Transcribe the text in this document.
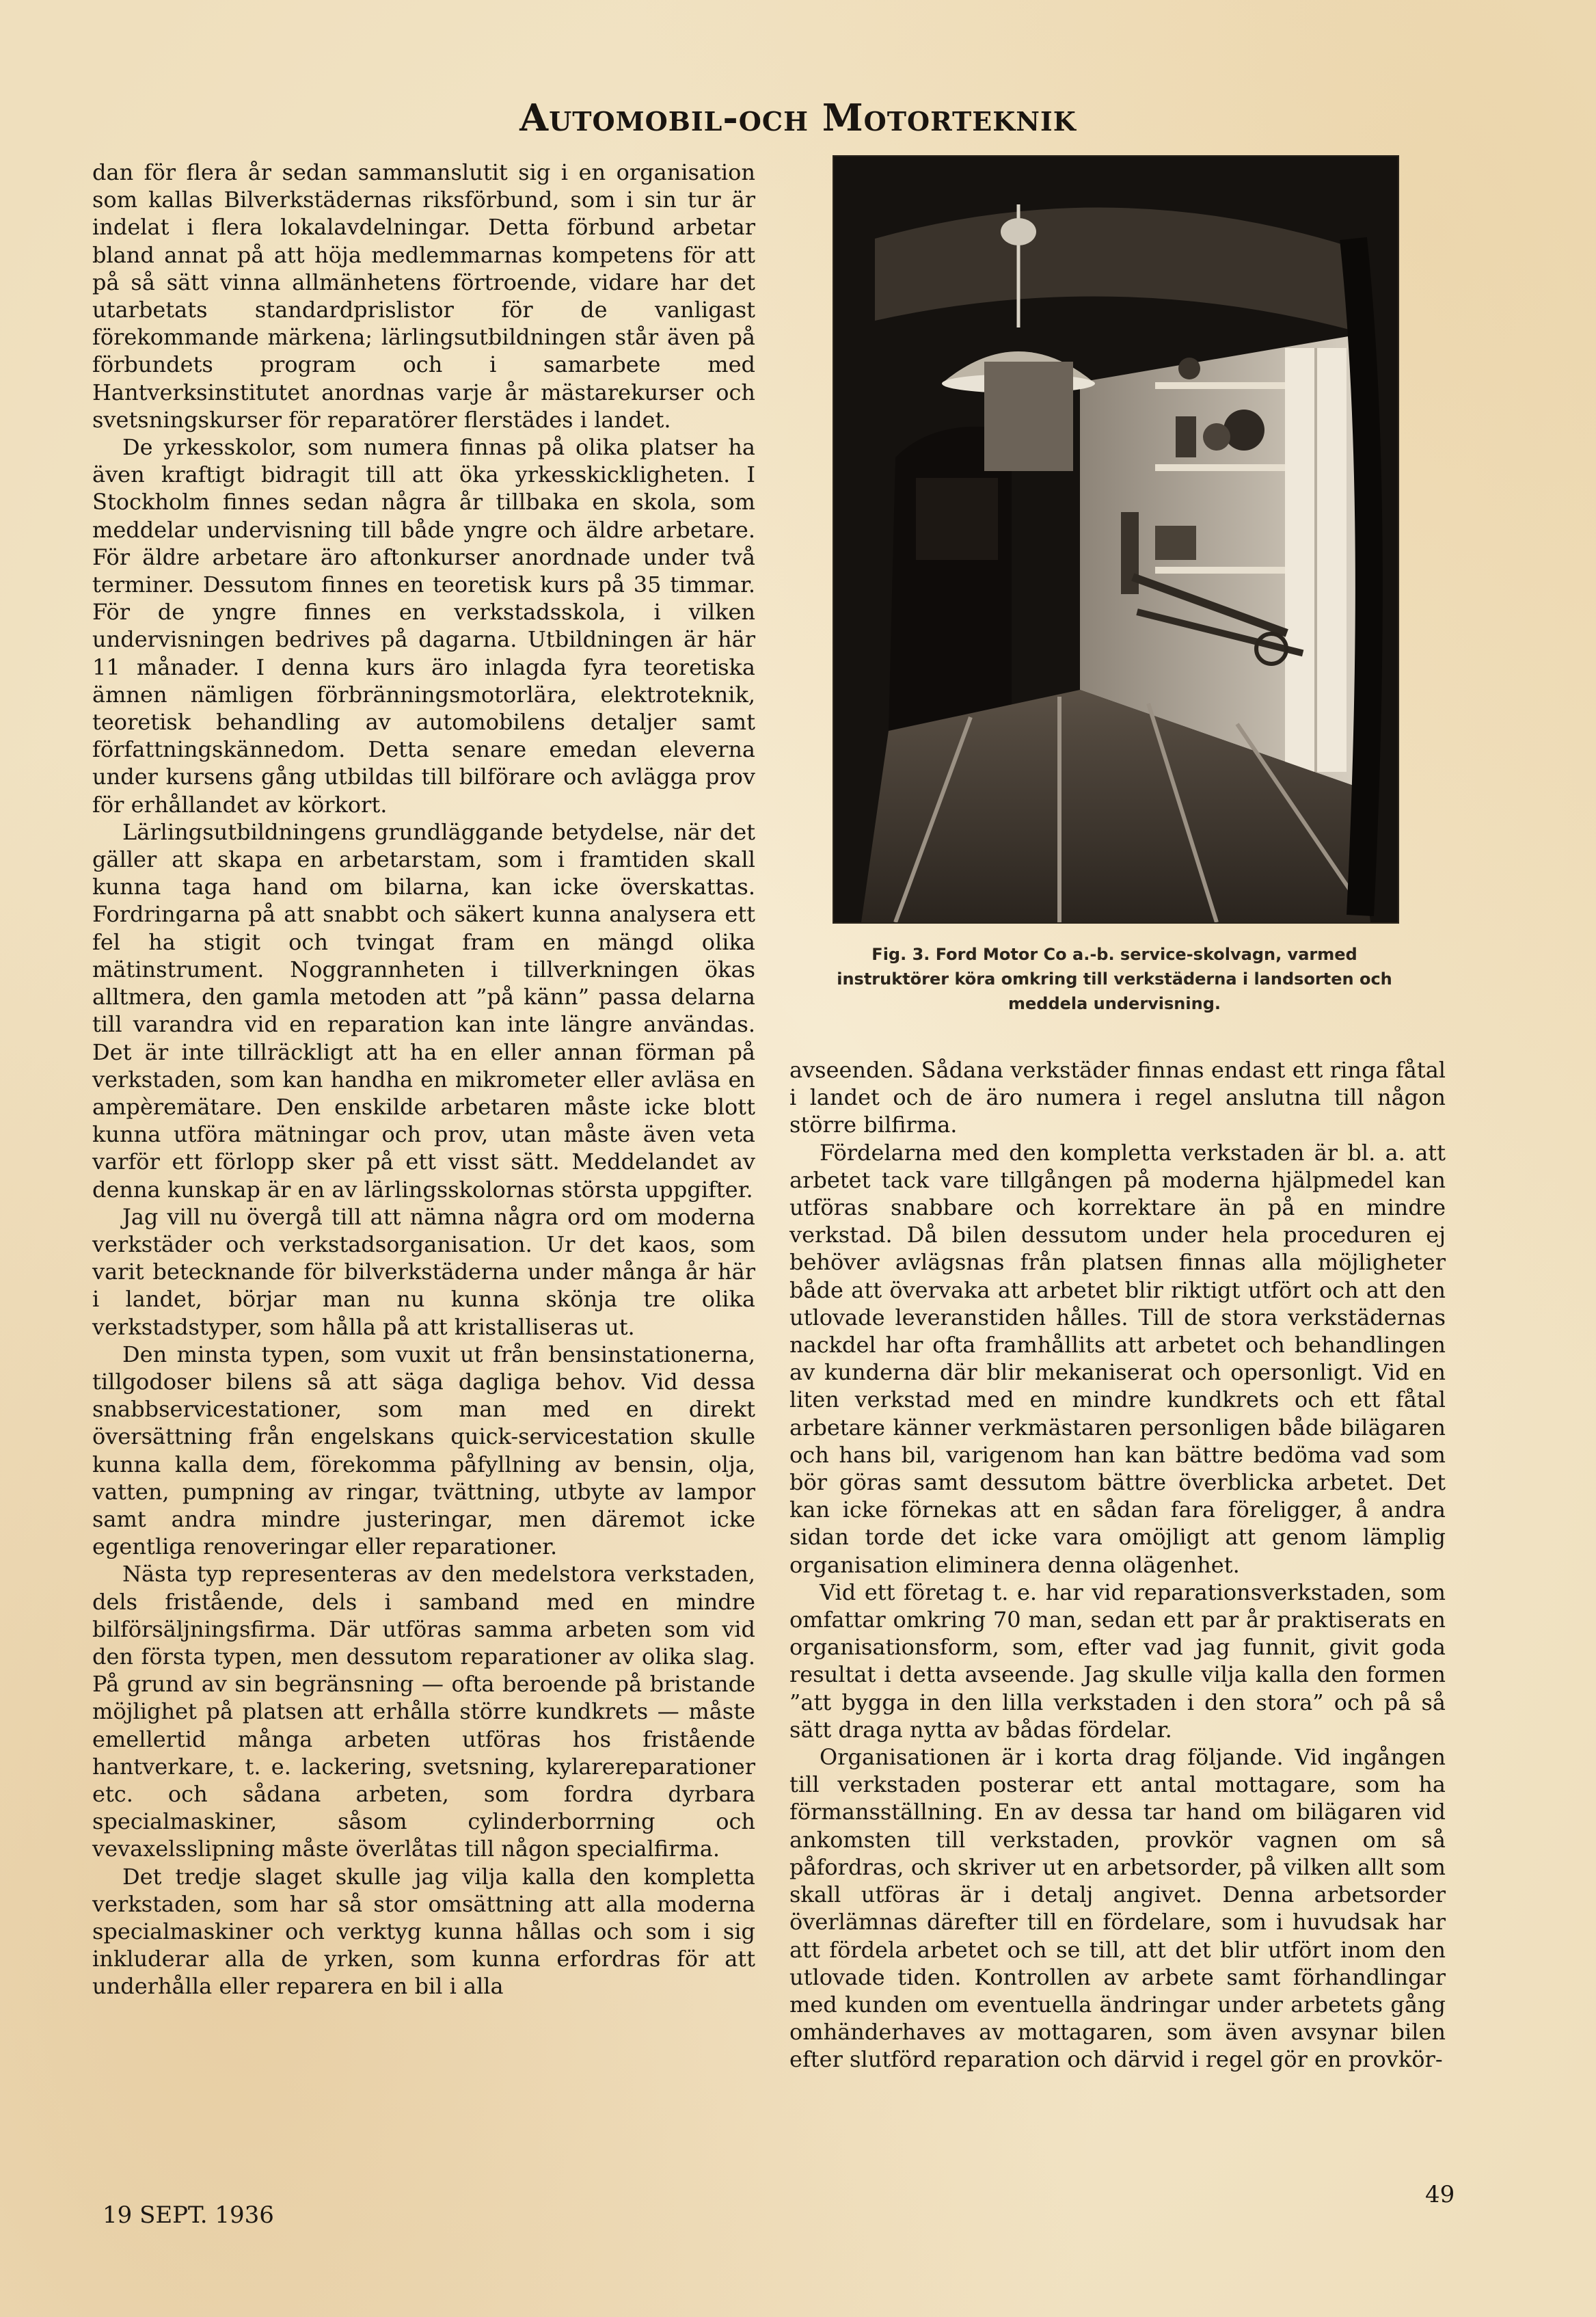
Automobil-och Motorteknik

dan för flera år sedan sammanslutit sig i en organisation som kallas Bilverkstädernas riksförbund, som i sin tur är indelat i flera lokalavdelningar. Detta förbund arbetar bland annat på att höja medlemmarnas kompetens för att på så sätt vinna allmänhetens förtroende, vidare har det utarbetats standardprislistor för de vanligast förekommande märkena; lärlingsutbildningen står även på förbundets program och i samarbete med Hantverksinstitutet anordnas varje år mästarekurser och svetsningskurser för reparatörer flerstädes i landet.

De yrkesskolor, som numera finnas på olika platser ha även kraftigt bidragit till att öka yrkesskickligheten. I Stockholm finnes sedan några år tillbaka en skola, som meddelar undervisning till både yngre och äldre arbetare. För äldre arbetare äro aftonkurser anordnade under två terminer. Dessutom finnes en teoretisk kurs på 35 timmar. För de yngre finnes en verkstadsskola, i vilken undervisningen bedrives på dagarna. Utbildningen är här 11 månader. I denna kurs äro inlagda fyra teoretiska ämnen nämligen förbränningsmotorlära, elektroteknik, teoretisk behandling av automobilens detaljer samt författningskännedom. Detta senare emedan eleverna under kursens gång utbildas till bilförare och avlägga prov för erhållandet av körkort.

Lärlingsutbildningens grundläggande betydelse, när det gäller att skapa en arbetarstam, som i framtiden skall kunna taga hand om bilarna, kan icke överskattas. Fordringarna på att snabbt och säkert kunna analysera ett fel ha stigit och tvingat fram en mängd olika mätinstrument. Noggrannheten i tillverkningen ökas alltmera, den gamla metoden att ”på känn” passa delarna till varandra vid en reparation kan inte längre användas. Det är inte tillräckligt att ha en eller annan förman på verkstaden, som kan handha en mikrometer eller avläsa en ampèremätare. Den enskilde arbetaren måste icke blott kunna utföra mätningar och prov, utan måste även veta varför ett förlopp sker på ett visst sätt. Meddelandet av denna kunskap är en av lärlingsskolornas största uppgifter.

Jag vill nu övergå till att nämna några ord om moderna verkstäder och verkstadsorganisation. Ur det kaos, som varit betecknande för bilverkstäderna under många år här i landet, börjar man nu kunna skönja tre olika verkstadstyper, som hålla på att kristalliseras ut.

Den minsta typen, som vuxit ut från bensinstationerna, tillgodoser bilens så att säga dagliga behov. Vid dessa snabbservicestationer, som man med en direkt översättning från engelskans quick-servicestation skulle kunna kalla dem, förekomma påfyllning av bensin, olja, vatten, pumpning av ringar, tvättning, utbyte av lampor samt andra mindre justeringar, men däremot icke egentliga renoveringar eller reparationer.

Nästa typ representeras av den medelstora verkstaden, dels fristående, dels i samband med en mindre bilförsäljningsfirma. Där utföras samma arbeten som vid den första typen, men dessutom reparationer av olika slag. På grund av sin begränsning — ofta beroende på bristande möjlighet på platsen att erhålla större kundkrets — måste emellertid många arbeten utföras hos fristående hantverkare, t. e. lackering, svetsning, kylarereparationer etc. och sådana arbeten, som fordra dyrbara specialmaskiner, såsom cylinderborrning och vevaxelsslipning måste överlåtas till någon specialfirma.

Det tredje slaget skulle jag vilja kalla den kompletta verkstaden, som har så stor omsättning att alla moderna specialmaskiner och verktyg kunna hållas och som i sig inkluderar alla de yrken, som kunna erfordras för att underhålla eller reparera en bil i alla

Fig. 3. Ford Motor Co a.-b. service-skolvagn, varmed instruktörer köra omkring till verkstäderna i landsorten och meddela undervisning.

avseenden. Sådana verkstäder finnas endast ett ringa fåtal i landet och de äro numera i regel anslutna till någon större bilfirma.

Fördelarna med den kompletta verkstaden är bl. a. att arbetet tack vare tillgången på moderna hjälpmedel kan utföras snabbare och korrektare än på en mindre verkstad. Då bilen dessutom under hela proceduren ej behöver avlägsnas från platsen finnas alla möjligheter både att övervaka att arbetet blir riktigt utfört och att den utlovade leveranstiden hålles. Till de stora verkstädernas nackdel har ofta framhållits att arbetet och behandlingen av kunderna där blir mekaniserat och opersonligt. Vid en liten verkstad med en mindre kundkrets och ett fåtal arbetare känner verkmästaren personligen både bilägaren och hans bil, varigenom han kan bättre bedöma vad som bör göras samt dessutom bättre överblicka arbetet. Det kan icke förnekas att en sådan fara föreligger, å andra sidan torde det icke vara omöjligt att genom lämplig organisation eliminera denna olägenhet.

Vid ett företag t. e. har vid reparationsverkstaden, som omfattar omkring 70 man, sedan ett par år praktiserats en organisationsform, som, efter vad jag funnit, givit goda resultat i detta avseende. Jag skulle vilja kalla den formen ”att bygga in den lilla verkstaden i den stora” och på så sätt draga nytta av bådas fördelar.

Organisationen är i korta drag följande. Vid ingången till verkstaden posterar ett antal mottagare, som ha förmansställning. En av dessa tar hand om bilägaren vid ankomsten till verkstaden, provkör vagnen om så påfordras, och skriver ut en arbetsorder, på vilken allt som skall utföras är i detalj angivet. Denna arbetsorder överlämnas därefter till en fördelare, som i huvudsak har att fördela arbetet och se till, att det blir utfört inom den utlovade tiden. Kontrollen av arbete samt förhandlingar med kunden om eventuella ändringar under arbetets gång omhänderhaves av mottagaren, som även avsynar bilen efter slutförd reparation och därvid i regel gör en provkör-

19 SEPT. 1936
49
